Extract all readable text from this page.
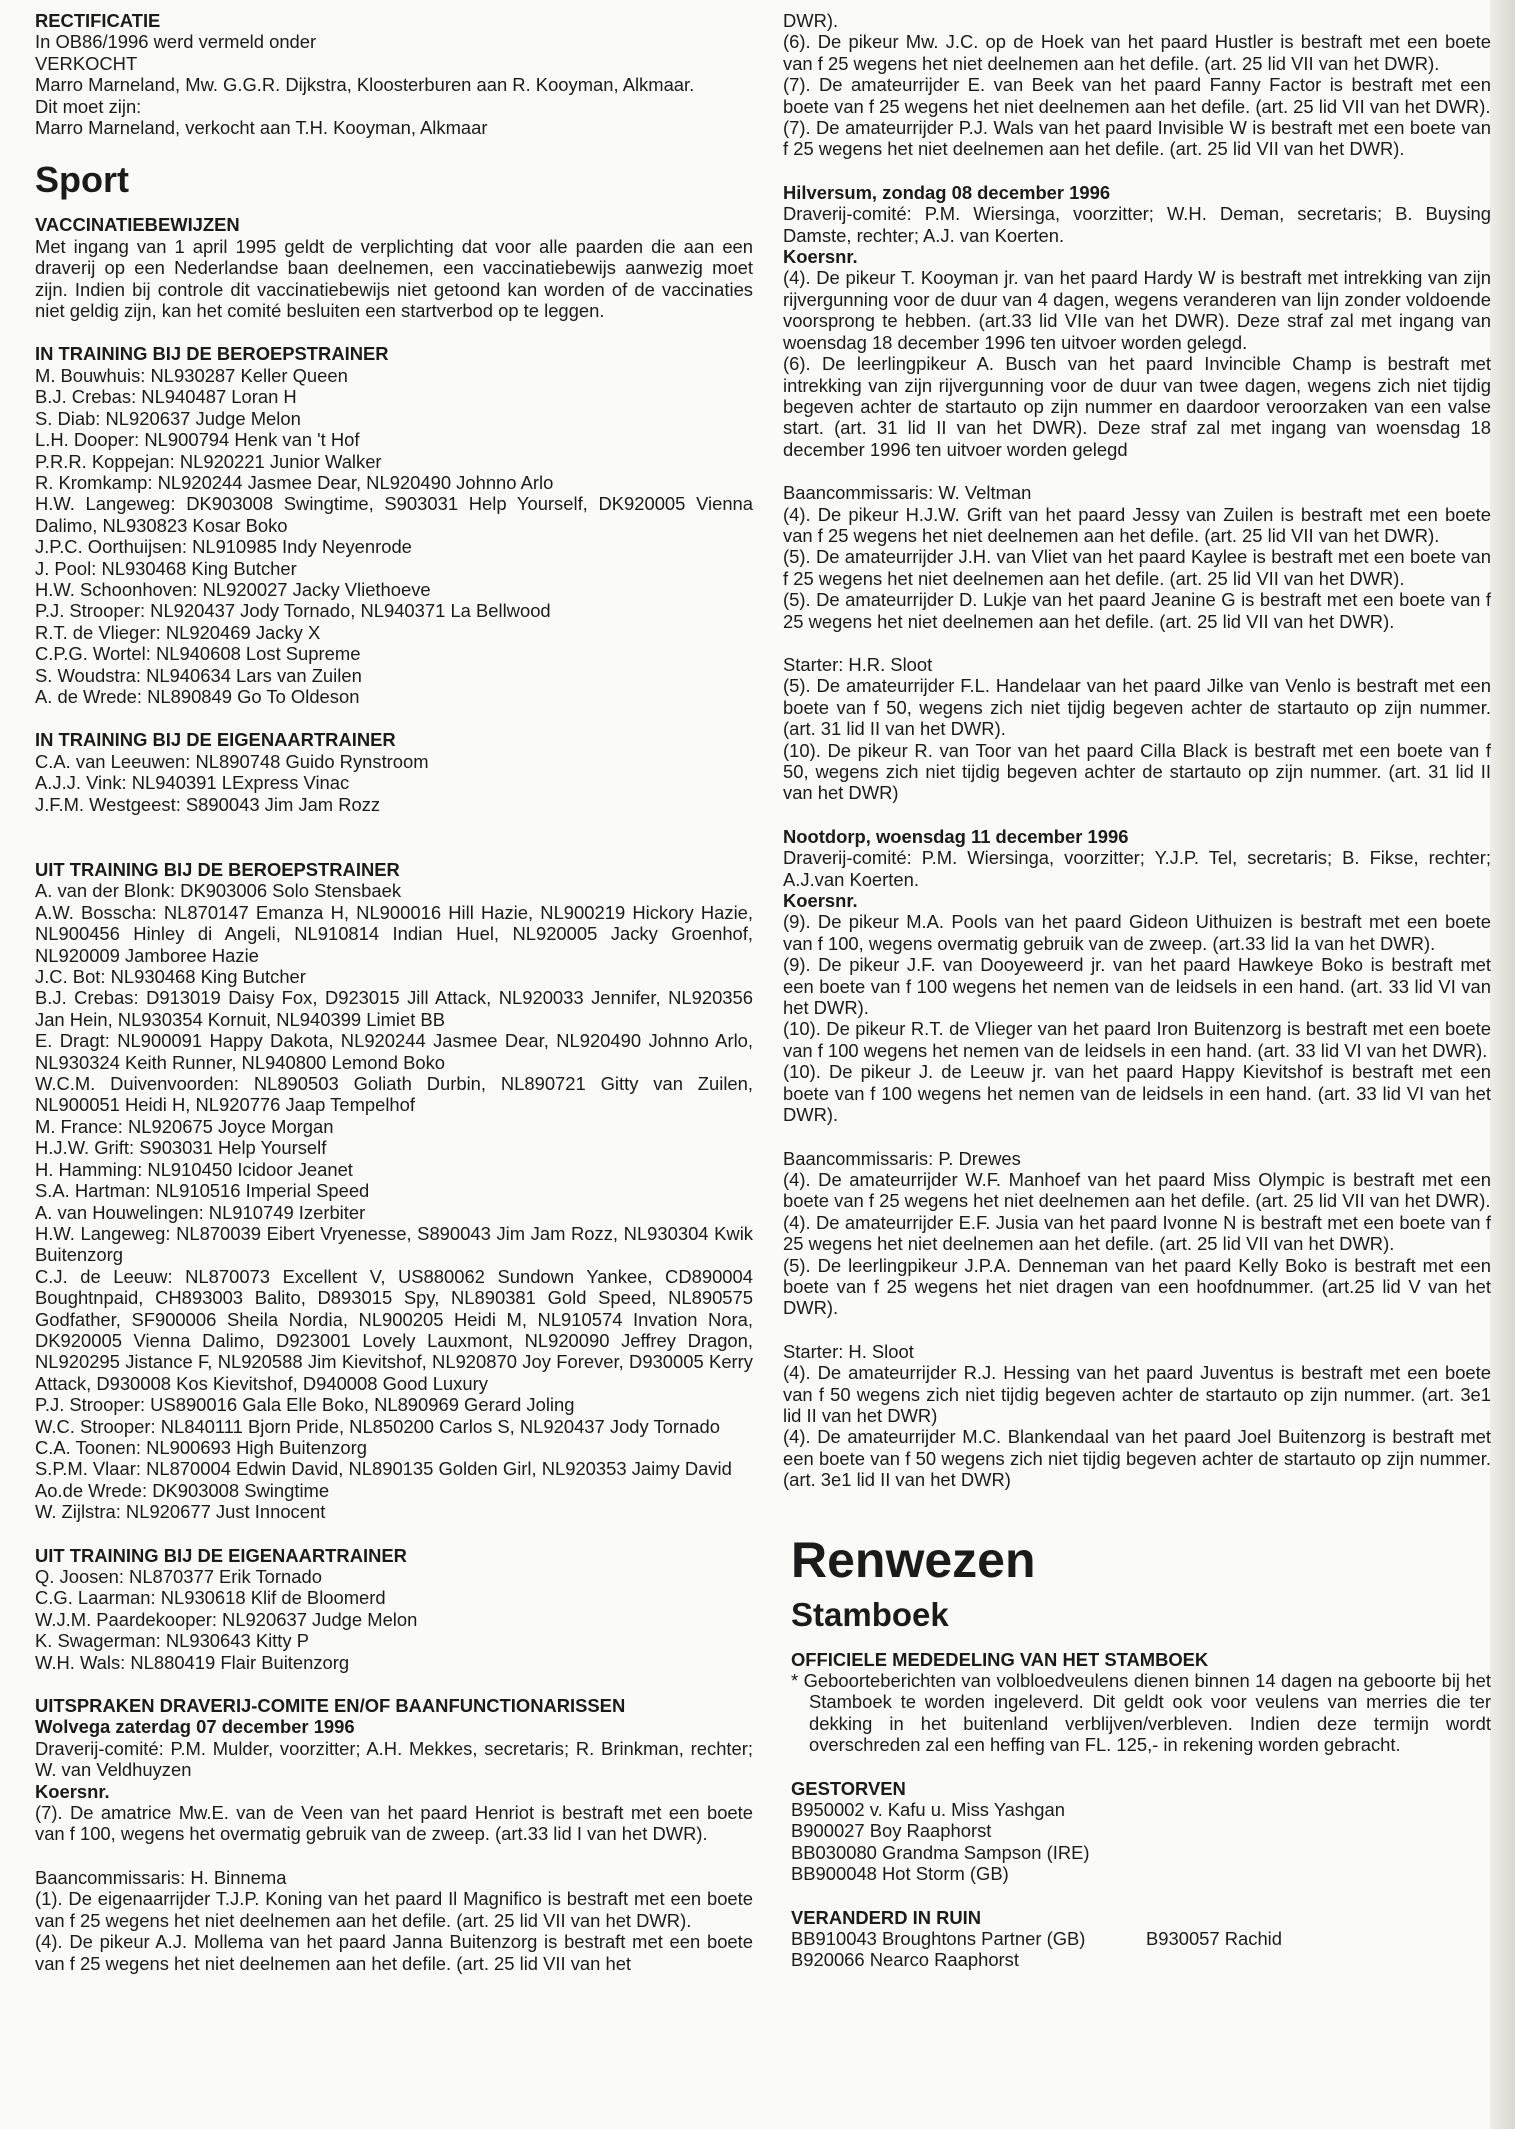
RECTIFICATIE
In OB86/1996 werd vermeld onder
VERKOCHT
Marro Marneland, Mw. G.G.R. Dijkstra, Kloosterburen aan R. Kooyman, Alkmaar.
Dit moet zijn:
Marro Marneland, verkocht aan T.H. Kooyman, Alkmaar
Sport
VACCINATIEBEWIJZEN
Met ingang van 1 april 1995 geldt de verplichting dat voor alle paarden die aan een draverij op een Nederlandse baan deelnemen, een vaccinatiebewijs aanwezig moet zijn. Indien bij controle dit vaccinatiebewijs niet getoond kan worden of de vaccinaties niet geldig zijn, kan het comité besluiten een startverbod op te leggen.
IN TRAINING BIJ DE BEROEPSTRAINER
M. Bouwhuis: NL930287 Keller Queen
B.J. Crebas: NL940487 Loran H
S. Diab: NL920637 Judge Melon
L.H. Dooper: NL900794 Henk van 't Hof
P.R.R. Koppejan: NL920221 Junior Walker
R. Kromkamp: NL920244 Jasmee Dear, NL920490 Johnno Arlo
H.W. Langeweg: DK903008 Swingtime, S903031 Help Yourself, DK920005 Vienna Dalimo, NL930823 Kosar Boko
J.P.C. Oorthuijsen: NL910985 Indy Neyenrode
J. Pool: NL930468 King Butcher
H.W. Schoonhoven: NL920027 Jacky Vliethoeve
P.J. Strooper: NL920437 Jody Tornado, NL940371 La Bellwood
R.T. de Vlieger: NL920469 Jacky X
C.P.G. Wortel: NL940608 Lost Supreme
S. Woudstra: NL940634 Lars van Zuilen
A. de Wrede: NL890849 Go To Oldeson
IN TRAINING BIJ DE EIGENAARTRAINER
C.A. van Leeuwen: NL890748 Guido Rynstroom
A.J.J. Vink: NL940391 LExpress Vinac
J.F.M. Westgeest: S890043 Jim Jam Rozz
UIT TRAINING BIJ DE BEROEPSTRAINER
A. van der Blonk: DK903006 Solo Stensbaek
A.W. Bosscha: NL870147 Emanza H, NL900016 Hill Hazie, NL900219 Hickory Hazie, NL900456 Hinley di Angeli, NL910814 Indian Huel, NL920005 Jacky Groenhof, NL920009 Jamboree Hazie
J.C. Bot: NL930468 King Butcher
B.J. Crebas: D913019 Daisy Fox, D923015 Jill Attack, NL920033 Jennifer, NL920356 Jan Hein, NL930354 Kornuit, NL940399 Limiet BB
E. Dragt: NL900091 Happy Dakota, NL920244 Jasmee Dear, NL920490 Johnno Arlo, NL930324 Keith Runner, NL940800 Lemond Boko
W.C.M. Duivenvoorden: NL890503 Goliath Durbin, NL890721 Gitty van Zuilen, NL900051 Heidi H, NL920776 Jaap Tempelhof
M. France: NL920675 Joyce Morgan
H.J.W. Grift: S903031 Help Yourself
H. Hamming: NL910450 Icidoor Jeanet
S.A. Hartman: NL910516 Imperial Speed
A. van Houwelingen: NL910749 Izerbiter
H.W. Langeweg: NL870039 Eibert Vryenesse, S890043 Jim Jam Rozz, NL930304 Kwik Buitenzorg
C.J. de Leeuw: NL870073 Excellent V, US880062 Sundown Yankee, CD890004 Boughtnpaid, CH893003 Balito, D893015 Spy, NL890381 Gold Speed, NL890575 Godfather, SF900006 Sheila Nordia, NL900205 Heidi M, NL910574 Invation Nora, DK920005 Vienna Dalimo, D923001 Lovely Lauxmont, NL920090 Jeffrey Dragon, NL920295 Jistance F, NL920588 Jim Kievitshof, NL920870 Joy Forever, D930005 Kerry Attack, D930008 Kos Kievitshof, D940008 Good Luxury
P.J. Strooper: US890016 Gala Elle Boko, NL890969 Gerard Joling
W.C. Strooper: NL840111 Bjorn Pride, NL850200 Carlos S, NL920437 Jody Tornado
C.A. Toonen: NL900693 High Buitenzorg
S.P.M. Vlaar: NL870004 Edwin David, NL890135 Golden Girl, NL920353 Jaimy David
Ao.de Wrede: DK903008 Swingtime
W. Zijlstra: NL920677 Just Innocent
UIT TRAINING BIJ DE EIGENAARTRAINER
Q. Joosen: NL870377 Erik Tornado
C.G. Laarman: NL930618 Klif de Bloomerd
W.J.M. Paardekooper: NL920637 Judge Melon
K. Swagerman: NL930643 Kitty P
W.H. Wals: NL880419 Flair Buitenzorg
UITSPRAKEN DRAVERIJ-COMITE EN/OF BAANFUNCTIONARISSEN
Wolvega zaterdag 07 december 1996
Draverij-comité: P.M. Mulder, voorzitter; A.H. Mekkes, secretaris; R. Brinkman, rechter; W. van Veldhuyzen
Koersnr.
(7). De amatrice Mw.E. van de Veen van het paard Henriot is bestraft met een boete van f 100, wegens het overmatig gebruik van de zweep. (art.33 lid I van het DWR).
Baancommissaris: H. Binnema
(1). De eigenaarrijder T.J.P. Koning van het paard Il Magnifico is bestraft met een boete van f 25 wegens het niet deelnemen aan het defile. (art. 25 lid VII van het DWR).
(4). De pikeur A.J. Mollema van het paard Janna Buitenzorg is bestraft met een boete van f 25 wegens het niet deelnemen aan het defile. (art. 25 lid VII van het
DWR).
(6). De pikeur Mw. J.C. op de Hoek van het paard Hustler is bestraft met een boete van f 25 wegens het niet deelnemen aan het defile. (art. 25 lid VII van het DWR).
(7). De amateurrijder E. van Beek van het paard Fanny Factor is bestraft met een boete van f 25 wegens het niet deelnemen aan het defile. (art. 25 lid VII van het DWR).
(7). De amateurrijder P.J. Wals van het paard Invisible W is bestraft met een boete van f 25 wegens het niet deelnemen aan het defile. (art. 25 lid VII van het DWR).
Hilversum, zondag 08 december 1996
Draverij-comité: P.M. Wiersinga, voorzitter; W.H. Deman, secretaris; B. Buysing Damste, rechter; A.J. van Koerten.
Koersnr.
(4). De pikeur T. Kooyman jr. van het paard Hardy W is bestraft met intrekking van zijn rijvergunning voor de duur van 4 dagen, wegens veranderen van lijn zonder voldoende voorsprong te hebben. (art.33 lid VIIe van het DWR). Deze straf zal met ingang van woensdag 18 december 1996 ten uitvoer worden gelegd.
(6). De leerlingpikeur A. Busch van het paard Invincible Champ is bestraft met intrekking van zijn rijvergunning voor de duur van twee dagen, wegens zich niet tijdig begeven achter de startauto op zijn nummer en daardoor veroorzaken van een valse start. (art. 31 lid II van het DWR). Deze straf zal met ingang van woensdag 18 december 1996 ten uitvoer worden gelegd
Baancommissaris: W. Veltman
(4). De pikeur H.J.W. Grift van het paard Jessy van Zuilen is bestraft met een boete van f 25 wegens het niet deelnemen aan het defile. (art. 25 lid VII van het DWR).
(5). De amateurrijder J.H. van Vliet van het paard Kaylee is bestraft met een boete van f 25 wegens het niet deelnemen aan het defile. (art. 25 lid VII van het DWR).
(5). De amateurrijder D. Lukje van het paard Jeanine G is bestraft met een boete van f 25 wegens het niet deelnemen aan het defile. (art. 25 lid VII van het DWR).
Starter: H.R. Sloot
(5). De amateurrijder F.L. Handelaar van het paard Jilke van Venlo is bestraft met een boete van f 50, wegens zich niet tijdig begeven achter de startauto op zijn nummer. (art. 31 lid II van het DWR).
(10). De pikeur R. van Toor van het paard Cilla Black is bestraft met een boete van f 50, wegens zich niet tijdig begeven achter de startauto op zijn nummer. (art. 31 lid II van het DWR)
Nootdorp, woensdag 11 december 1996
Draverij-comité: P.M. Wiersinga, voorzitter; Y.J.P. Tel, secretaris; B. Fikse, rechter; A.J.van Koerten.
Koersnr.
(9). De pikeur M.A. Pools van het paard Gideon Uithuizen is bestraft met een boete van f 100, wegens overmatig gebruik van de zweep. (art.33 lid Ia van het DWR).
(9). De pikeur J.F. van Dooyeweerd jr. van het paard Hawkeye Boko is bestraft met een boete van f 100 wegens het nemen van de leidsels in een hand. (art. 33 lid VI van het DWR).
(10). De pikeur R.T. de Vlieger van het paard Iron Buitenzorg is bestraft met een boete van f 100 wegens het nemen van de leidsels in een hand. (art. 33 lid VI van het DWR).
(10). De pikeur J. de Leeuw jr. van het paard Happy Kievitshof is bestraft met een boete van f 100 wegens het nemen van de leidsels in een hand. (art. 33 lid VI van het DWR).
Baancommissaris: P. Drewes
(4). De amateurrijder W.F. Manhoef van het paard Miss Olympic is bestraft met een boete van f 25 wegens het niet deelnemen aan het defile. (art. 25 lid VII van het DWR).
(4). De amateurrijder E.F. Jusia van het paard Ivonne N is bestraft met een boete van f 25 wegens het niet deelnemen aan het defile. (art. 25 lid VII van het DWR).
(5). De leerlingpikeur J.P.A. Denneman van het paard Kelly Boko is bestraft met een boete van f 25 wegens het niet dragen van een hoofdnummer. (art.25 lid V van het DWR).
Starter: H. Sloot
(4). De amateurrijder R.J. Hessing van het paard Juventus is bestraft met een boete van f 50 wegens zich niet tijdig begeven achter de startauto op zijn nummer. (art. 3e1 lid II van het DWR)
(4). De amateurrijder M.C. Blankendaal van het paard Joel Buitenzorg is bestraft met een boete van f 50 wegens zich niet tijdig begeven achter de startauto op zijn nummer. (art. 3e1 lid II van het DWR)
Renwezen
Stamboek
OFFICIELE MEDEDELING VAN HET STAMBOEK
* Geboorteberichten van volbloedveulens dienen binnen 14 dagen na geboorte bij het Stamboek te worden ingeleverd. Dit geldt ook voor veulens van merries die ter dekking in het buitenland verblijven/verbleven. Indien deze termijn wordt overschreden zal een heffing van FL. 125,- in rekening worden gebracht.
GESTORVEN
B950002 v. Kafu u. Miss Yashgan
B900027 Boy Raaphorst
BB030080 Grandma Sampson (IRE)
BB900048 Hot Storm (GB)
VERANDERD IN RUIN
BB910043 Broughtons Partner (GB)
B920066 Nearco Raaphorst
B930057 Rachid
